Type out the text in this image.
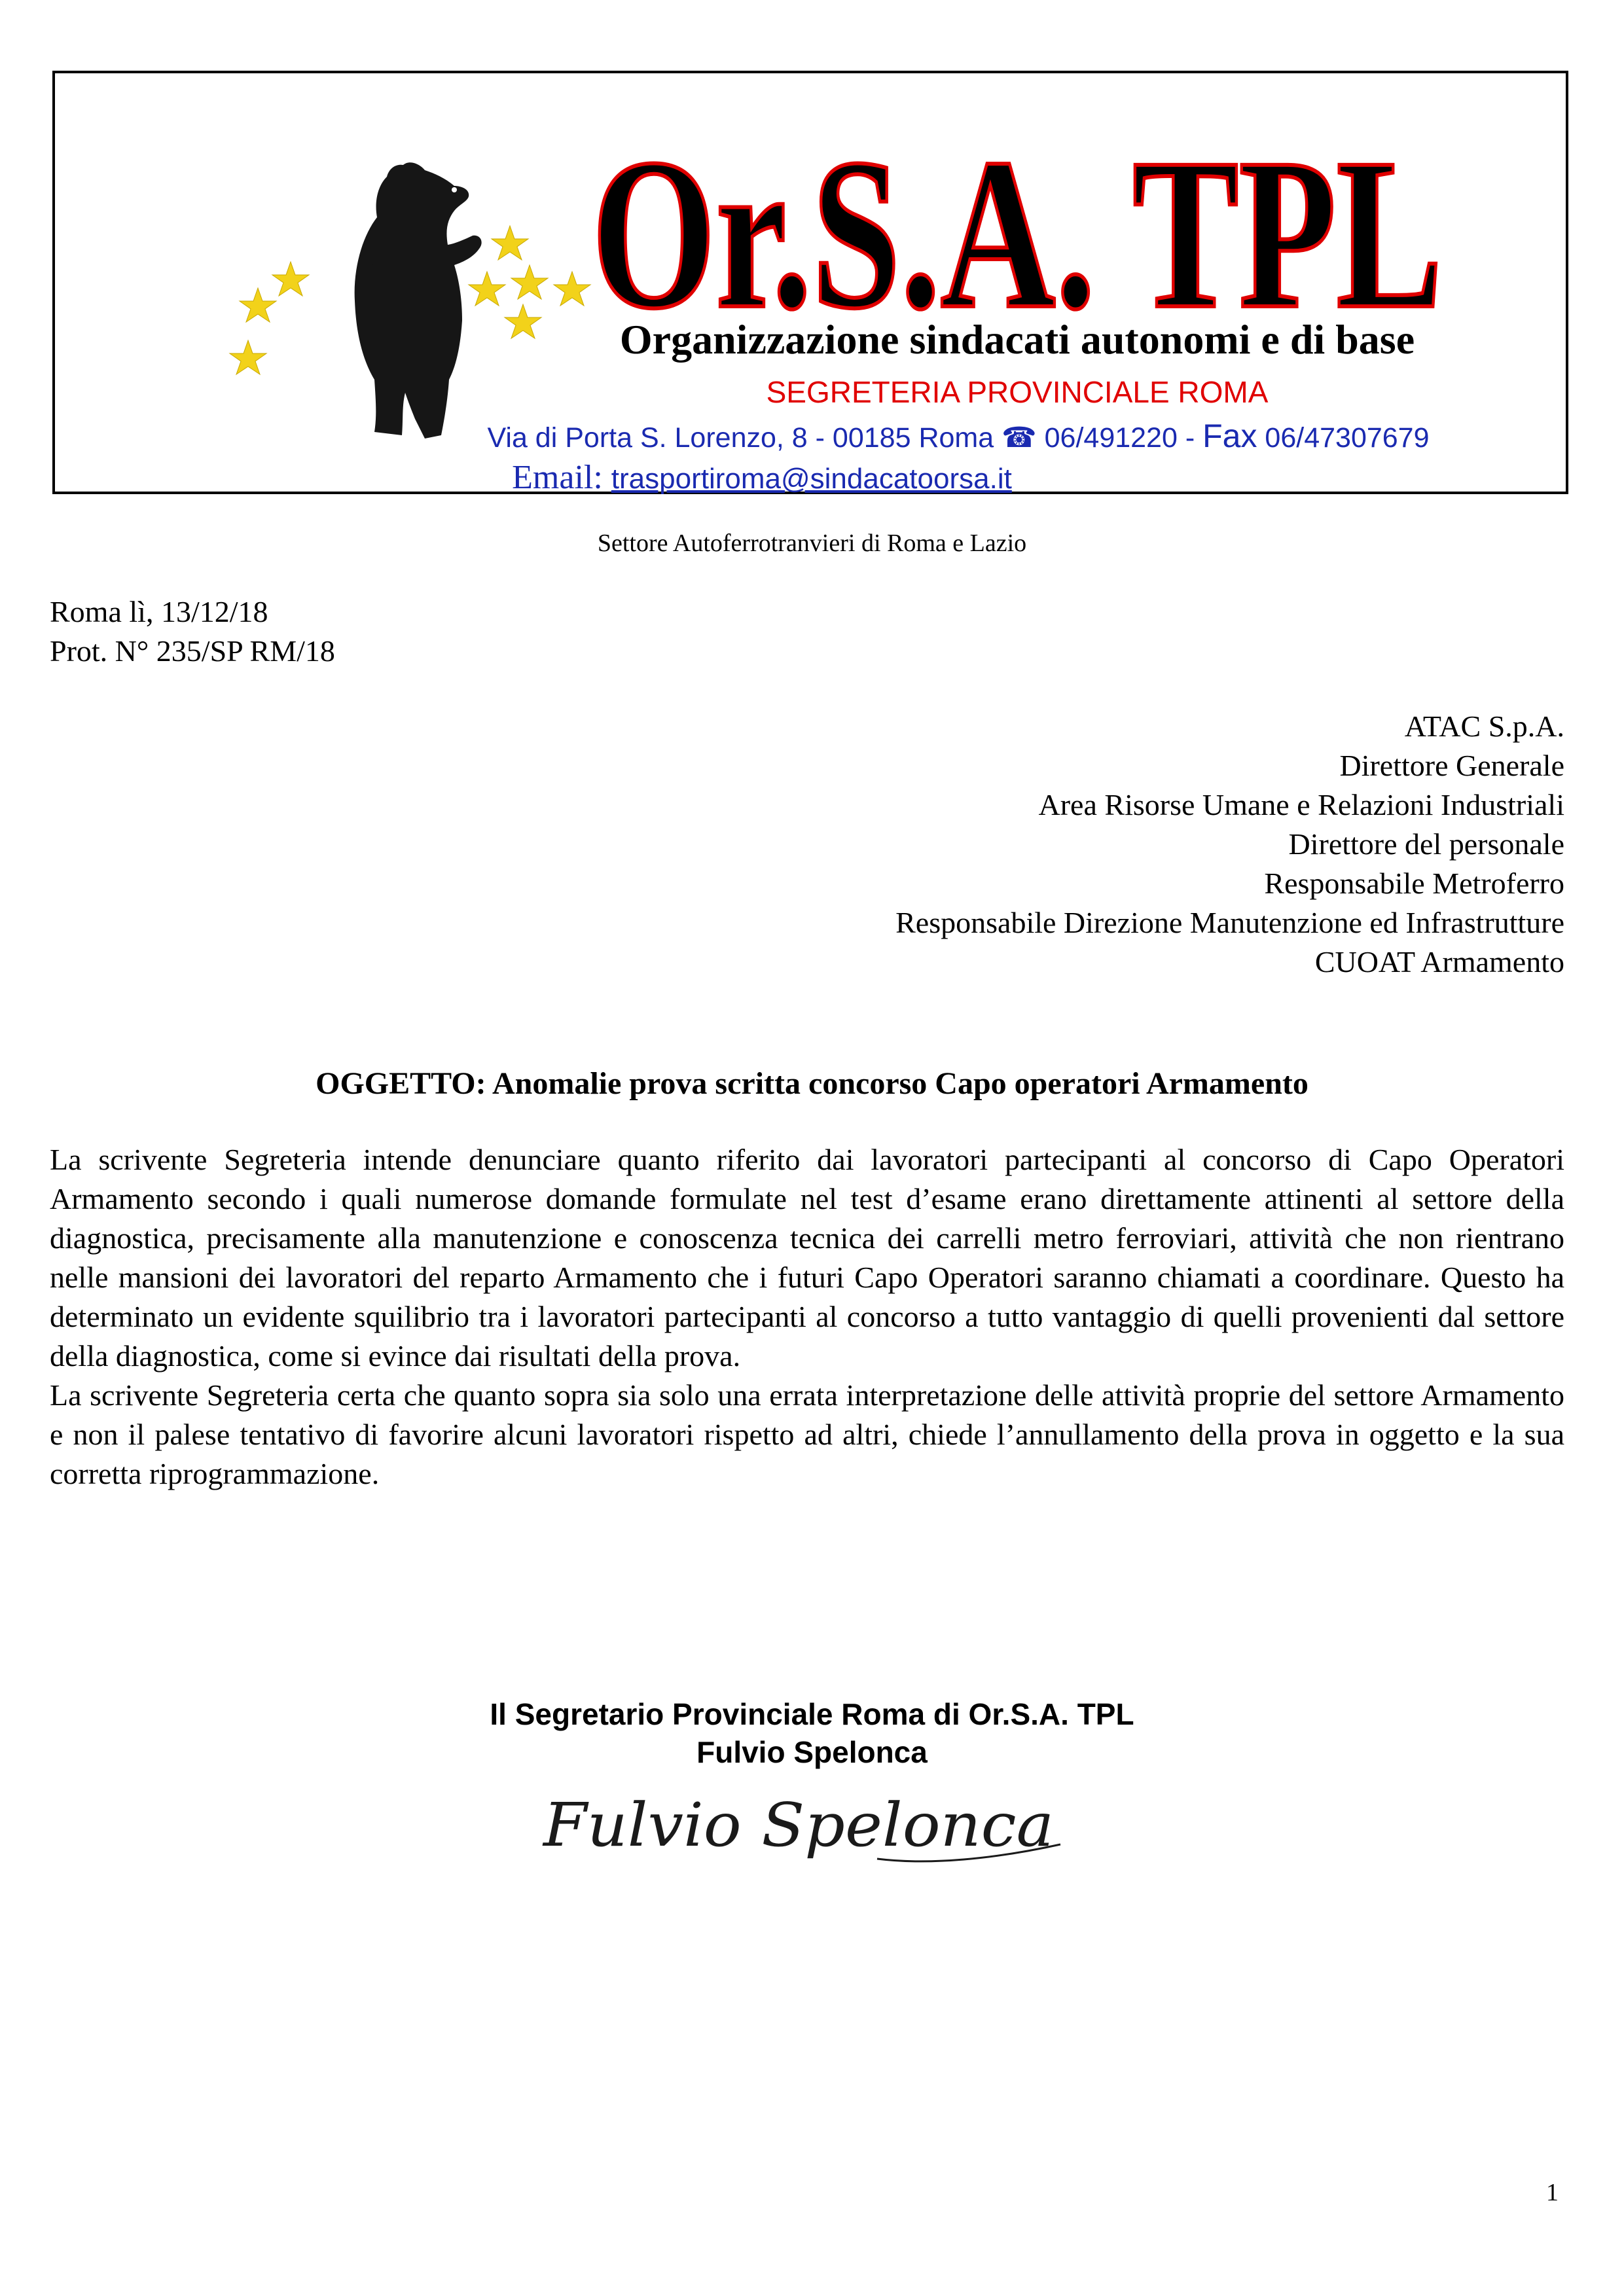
Or.S.A. TPL
Organizzazione sindacati autonomi e di base
SEGRETERIA PROVINCIALE ROMA
Via di Porta S. Lorenzo, 8 - 00185 Roma ☎ 06/491220 - Fax 06/47307679
Email: trasportiroma@sindacatoorsa.it
Settore Autoferrotranvieri di Roma e Lazio
Roma lì, 13/12/18
Prot. N° 235/SP RM/18
ATAC S.p.A.
Direttore Generale
Area Risorse Umane e Relazioni Industriali
Direttore del personale
Responsabile Metroferro
Responsabile Direzione Manutenzione ed Infrastrutture
CUOAT Armamento
OGGETTO: Anomalie prova scritta concorso Capo operatori Armamento

La scrivente Segreteria intende denunciare quanto riferito dai lavoratori partecipanti al concorso di Capo Operatori Armamento secondo i quali numerose domande formulate nel test d’esame erano direttamente attinenti al settore della diagnostica, precisamente alla manutenzione e conoscenza tecnica dei carrelli metro ferroviari, attività che non rientrano nelle mansioni dei lavoratori del reparto Armamento che i futuri Capo Operatori saranno chiamati a coordinare. Questo ha determinato un evidente squilibrio tra i lavoratori partecipanti al concorso a tutto vantaggio di quelli provenienti dal settore della diagnostica, come si evince dai risultati della prova.

La scrivente Segreteria certa che quanto sopra sia solo una errata interpretazione delle attività proprie del settore Armamento e non il palese tentativo di favorire alcuni lavoratori rispetto ad altri, chiede l’annullamento della prova in oggetto e la sua corretta riprogrammazione.

Il Segretario Provinciale Roma di Or.S.A. TPL
Fulvio Spelonca
Fulvio Spelonca
1
